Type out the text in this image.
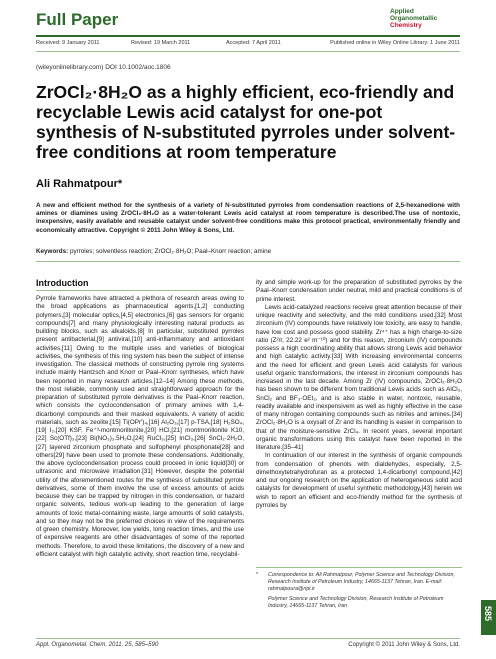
Full Paper	Applied
Organometallic
Chemistry
Received: 9 January 2011	Revised: 19 March 2011	Accepted: 7 April 2011	Published online in Wiley Online Library: 1 June 2011
(wileyonlinelibrary.com) DOI 10.1002/aoc.1806
ZrOCl₂·8H₂O as a highly efficient, eco-friendly and recyclable Lewis acid catalyst for one-pot synthesis of N-substituted pyrroles under solvent-free conditions at room temperature
Ali Rahmatpour*
A new and efficient method for the synthesis of a variety of N-substituted pyrroles from condensation reactions of 2,5-hexanedione with amines or diamines using ZrOCl₂·8H₂O as a water-tolerant Lewis acid catalyst at room temperature is described.The use of nontoxic, inexpensive, easily available and reusable catalyst under solvent-free conditions make this protocol practical, environmentally friendly and economically attractive. Copyright © 2011 John Wiley & Sons, Ltd.
Keywords: pyrroles; solventless reaction; ZrOCl₂·8H₂O; Paal–Knorr reaction; amine
Introduction

Pyrrole frameworks have attracted a plethora of research areas owing to the broad applications as pharmaceutical agents,[1,2] conducting polymers,[3] molecular optics,[4,5] electronics,[6] gas sensors for organic compounds[7] and many physiologically interesting natural products as building blocks, such as alkaloids.[8] In particular, substituted pyrroles present antibacterial,[9] antiviral,[10] anti-inflammatory and antioxidant activities.[11] Owing to the multiple uses and varieties of biological activities, the synthesis of this ring system has been the subject of intense investigation. The classical methods of constructing pyrrole ring systems include mainly Hantzsch and Knorr or Paal–Knorr syntheses, which have been reported in many research articles.[12–14] Among these methods, the most reliable, commonly used and straightforward approach for the preparation of substituted pyrrole derivatives is the Paal–Knorr reaction, which consists the cyclocondensation of primary amines with 1,4-dicarbonyl compounds and their masked equivalents. A variety of acidic materials, such as zeolite,[15] Ti(OPr')₄,[16] Al₂O₃,[17] p-TSA,[18] H₂SO₄,[19] I₂,[20] KSF, Fe⁺³-montmorillonite,[20] HCl,[21] montmorillonite K10,[22] Sc(OTf)₃,[23] Bi(NO₃)₃.5H₂O,[24] RuCl₃,[25] InCl₃,[26] SnCl₂·2H₂O,[27] layered zirconium phosphate and sulfophenyl phosphonate[28] and others[29] have been used to promote these condensations. Additionally, the above cyclocondensation process could proceed in ionic liquid[30] or ultrasonic and microwave irradiation.[31] However, despite the potential utility of the aforementioned routes for the synthesis of substituted pyrrole derivatives, some of them involve the use of excess amounts of acids because they can be trapped by nitrogen in this condensation, or hazard organic solvents, tedious work-up leading to the generation of large amounts of toxic metal-containing waste, large amounts of solid catalysts, and so they may not be the preferred choices in view of the requirements of green chemistry. Moreover, low yields, long reaction times, and the use of expensive reagents are other disadvantages of some of the reported methods. Therefore, to avoid these limitations, the discovery of a new and efficient catalyst with high catalytic activity, short reaction time, recyclabil-

ity and simple work-up for the preparation of substituted pyrroles by the Paal–Knorr condensation under neutral, mild and practical conditions is of prime interest.

Lewis acid-catalyzed reactions receive great attention because of their unique reactivity and selectivity, and the mild conditions used.[32] Most zirconium (IV) compounds have relatively low toxicity, are easy to handle, have low cost and possess good stability. Zr⁴⁺ has a high charge-to-size ratio (Z²/r, 22.22 e² m⁻¹⁰) and for this reason, zirconium (IV) compounds possess a high coordinating ability that allows strong Lewis acid behavior and high catalytic activity.[33] With increasing environmental concerns and the need for efficient and green Lewis acid catalysts for various useful organic transformations, the interest in zirconium compounds has increased in the last decade. Among Zr (IV) compounds, ZrOCl₂·8H₂O has been shown to be different from traditional Lewis acids such as AlCl₃, SnCl₂ and BF₃·OEt₂, and is also stable in water, nontoxic, reusable, readily available and inexpensivem as well as highly effective in the case of many nitrogen containing compounds such as nitriles and amines.[34] ZrOCl₂·8H₂O is a oxysalt of Zr and its handling is easier in comparison to that of the moisture-sensitive ZrCl₄. In recent years, several important organic transformations using this catalyst have been reported in the literature.[35–41]

In continuation of our interest in the synthesis of organic compounds from condensation of phenols with dialdehydes, especially, 2,5-dimethoxytetrahydrofuran as a protected 1,4-dicarbonyl compound,[42] and our ongoing research on the application of heterogeneous solid acid catalysts for development of useful synthetic methodology,[43] herein we wish to report an efficient and eco-friendly method for the synthesis of pyrroles by

*	Correspondence to: Ali Rahmatpour, Polymer Science and Technology Division, Research Institute of Petroleum Industry, 14665-1137 Tehran, Iran. E-mail: rahmatpoura@ripi.ir
Polymer Science and Technology Division, Research Institute of Petroleum Industry, 14665-1137 Tehran, Iran	585
Appl. Organometal. Chem. 2011, 25, 585–590	Copyright © 2011 John Wiley & Sons, Ltd.
